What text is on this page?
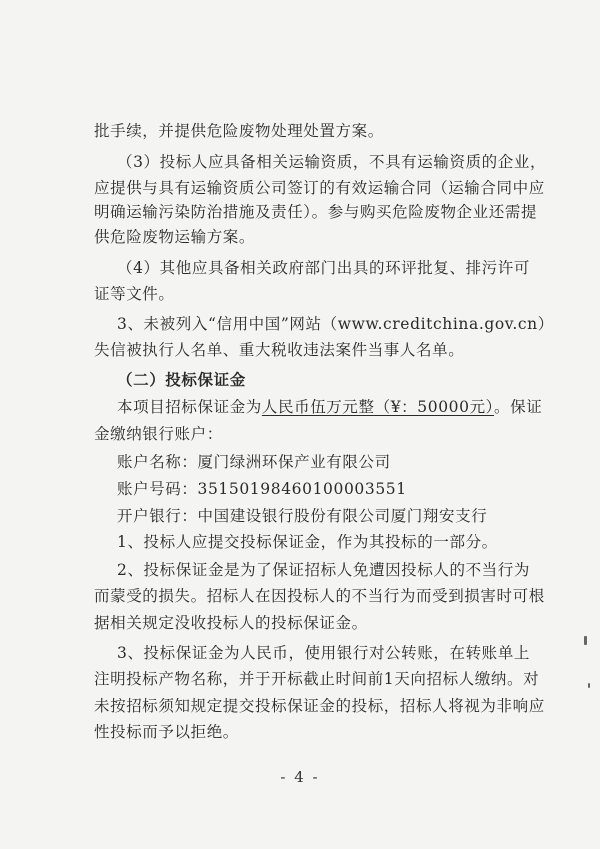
批手续，并提供危险废物处理处置方案。
（3）投标人应具备相关运输资质，不具有运输资质的企业，
应提供与具有运输资质公司签订的有效运输合同（运输合同中应
明确运输污染防治措施及责任）。参与购买危险废物企业还需提
供危险废物运输方案。
（4）其他应具备相关政府部门出具的环评批复、排污许可
证等文件。
3、未被列入“信用中国”网站（www.creditchina.gov.cn）
失信被执行人名单、重大税收违法案件当事人名单。
（二）投标保证金
本项目招标保证金为人民币伍万元整（¥：50000元）。保证
金缴纳银行账户：
账户名称：厦门绿洲环保产业有限公司
账户号码：35150198460100003551
开户银行：中国建设银行股份有限公司厦门翔安支行
1、投标人应提交投标保证金，作为其投标的一部分。
2、投标保证金是为了保证招标人免遭因投标人的不当行为
而蒙受的损失。招标人在因投标人的不当行为而受到损害时可根
据相关规定没收投标人的投标保证金。
3、投标保证金为人民币，使用银行对公转账，在转账单上
注明投标产物名称，并于开标截止时间前1天向招标人缴纳。对
未按招标须知规定提交投标保证金的投标，招标人将视为非响应
性投标而予以拒绝。
- 4 -
